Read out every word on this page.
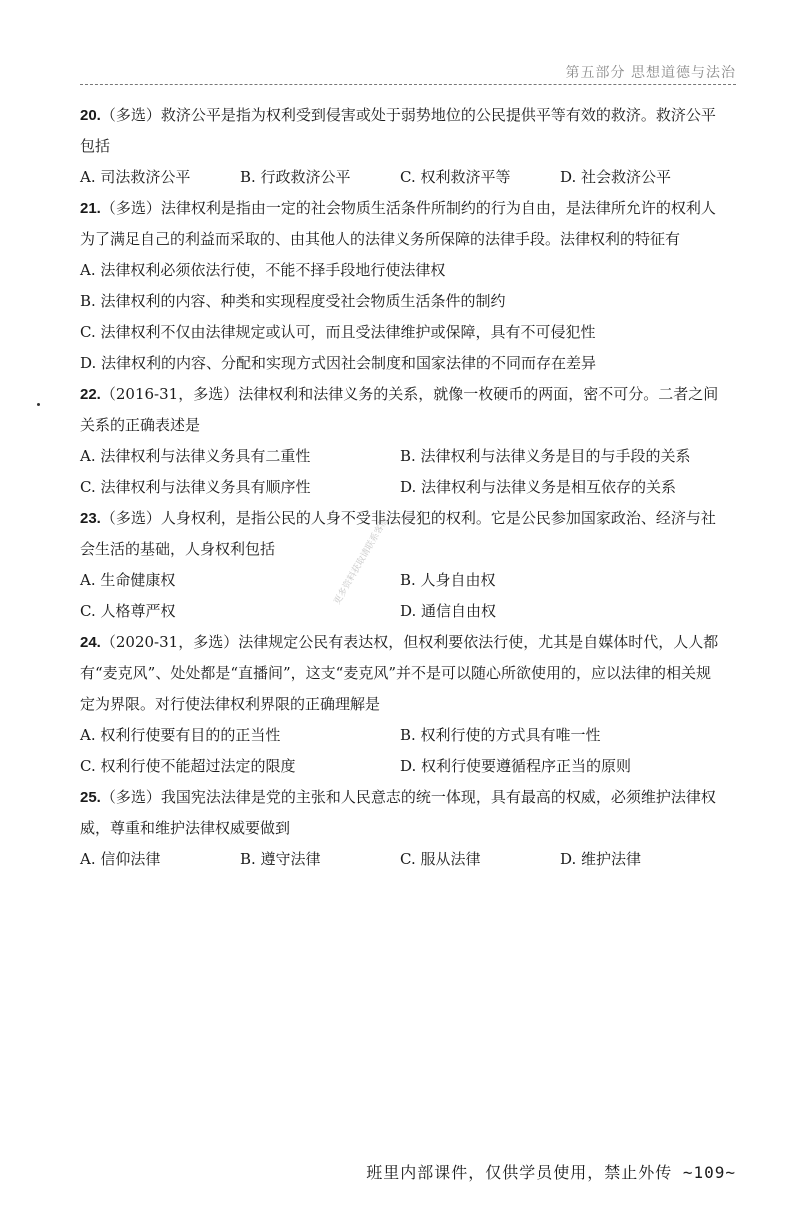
第五部分 思想道德与法治
更多资料获取请联系客服
20.（多选）救济公平是指为权利受到侵害或处于弱势地位的公民提供平等有效的救济。救济公平包括
A. 司法救济公平	B. 行政救济公平	C. 权利救济平等	D. 社会救济公平
21.（多选）法律权利是指由一定的社会物质生活条件所制约的行为自由，是法律所允许的权利人为了满足自己的利益而采取的、由其他人的法律义务所保障的法律手段。法律权利的特征有
A. 法律权利必须依法行使，不能不择手段地行使法律权
B. 法律权利的内容、种类和实现程度受社会物质生活条件的制约
C. 法律权利不仅由法律规定或认可，而且受法律维护或保障，具有不可侵犯性
D. 法律权利的内容、分配和实现方式因社会制度和国家法律的不同而存在差异
22.（2016-31，多选）法律权利和法律义务的关系，就像一枚硬币的两面，密不可分。二者之间关系的正确表述是
A. 法律权利与法律义务具有二重性	B. 法律权利与法律义务是目的与手段的关系
C. 法律权利与法律义务具有顺序性	D. 法律权利与法律义务是相互依存的关系
23.（多选）人身权利，是指公民的人身不受非法侵犯的权利。它是公民参加国家政治、经济与社会生活的基础，人身权利包括
A. 生命健康权	B. 人身自由权
C. 人格尊严权	D. 通信自由权
24.（2020-31，多选）法律规定公民有表达权，但权利要依法行使，尤其是自媒体时代，人人都有“麦克风”、处处都是“直播间”，这支“麦克风”并不是可以随心所欲使用的，应以法律的相关规定为界限。对行使法律权利界限的正确理解是
A. 权利行使要有目的的正当性	B. 权利行使的方式具有唯一性
C. 权利行使不能超过法定的限度	D. 权利行使要遵循程序正当的原则
25.（多选）我国宪法法律是党的主张和人民意志的统一体现，具有最高的权威，必须维护法律权威，尊重和维护法律权威要做到
A. 信仰法律	B. 遵守法律	C. 服从法律	D. 维护法律
班里内部课件，仅供学员使用，禁止外传 ~109~
